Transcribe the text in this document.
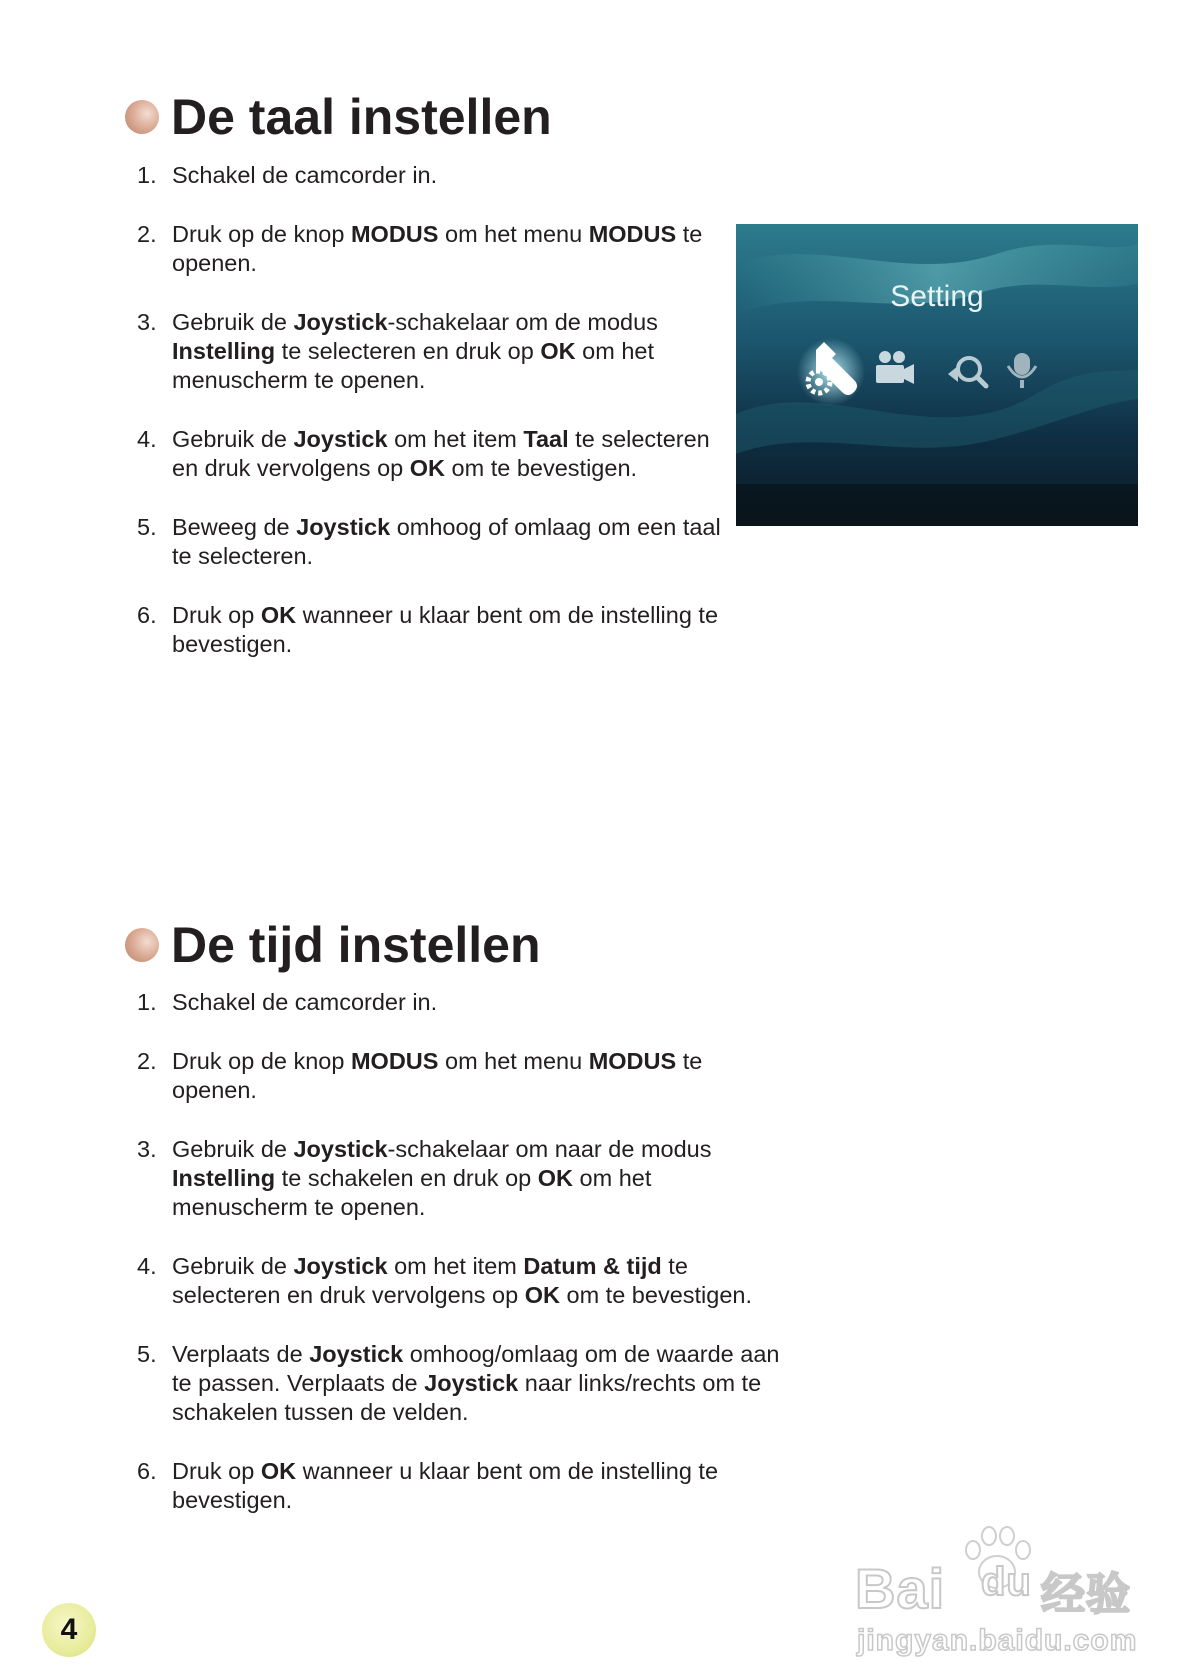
De taal instellen
1. Schakel de camcorder in.
2. Druk op de knop MODUS om het menu MODUS te openen.
3. Gebruik de Joystick-schakelaar om de modus Instelling te selecteren en druk op OK om het menuscherm te openen.
4. Gebruik de Joystick om het item Taal te selecteren en druk vervolgens op OK om te bevestigen.
5. Beweeg de Joystick omhoog of omlaag om een taal te selecteren.
6. Druk op OK wanneer u klaar bent om de instelling te bevestigen.
Setting
De tijd instellen
1. Schakel de camcorder in.
2. Druk op de knop MODUS om het menu MODUS te openen.
3. Gebruik de Joystick-schakelaar om naar de modus Instelling te schakelen en druk op OK om het menuscherm te openen.
4. Gebruik de Joystick om het item Datum & tijd te selecteren en druk vervolgens op OK om te bevestigen.
5. Verplaats de Joystick omhoog/omlaag om de waarde aan te passen. Verplaats de Joystick naar links/rechts om te schakelen tussen de velden.
6. Druk op OK wanneer u klaar bent om de instelling te bevestigen.
4
Bai du 经验
jingyan.baidu.com
